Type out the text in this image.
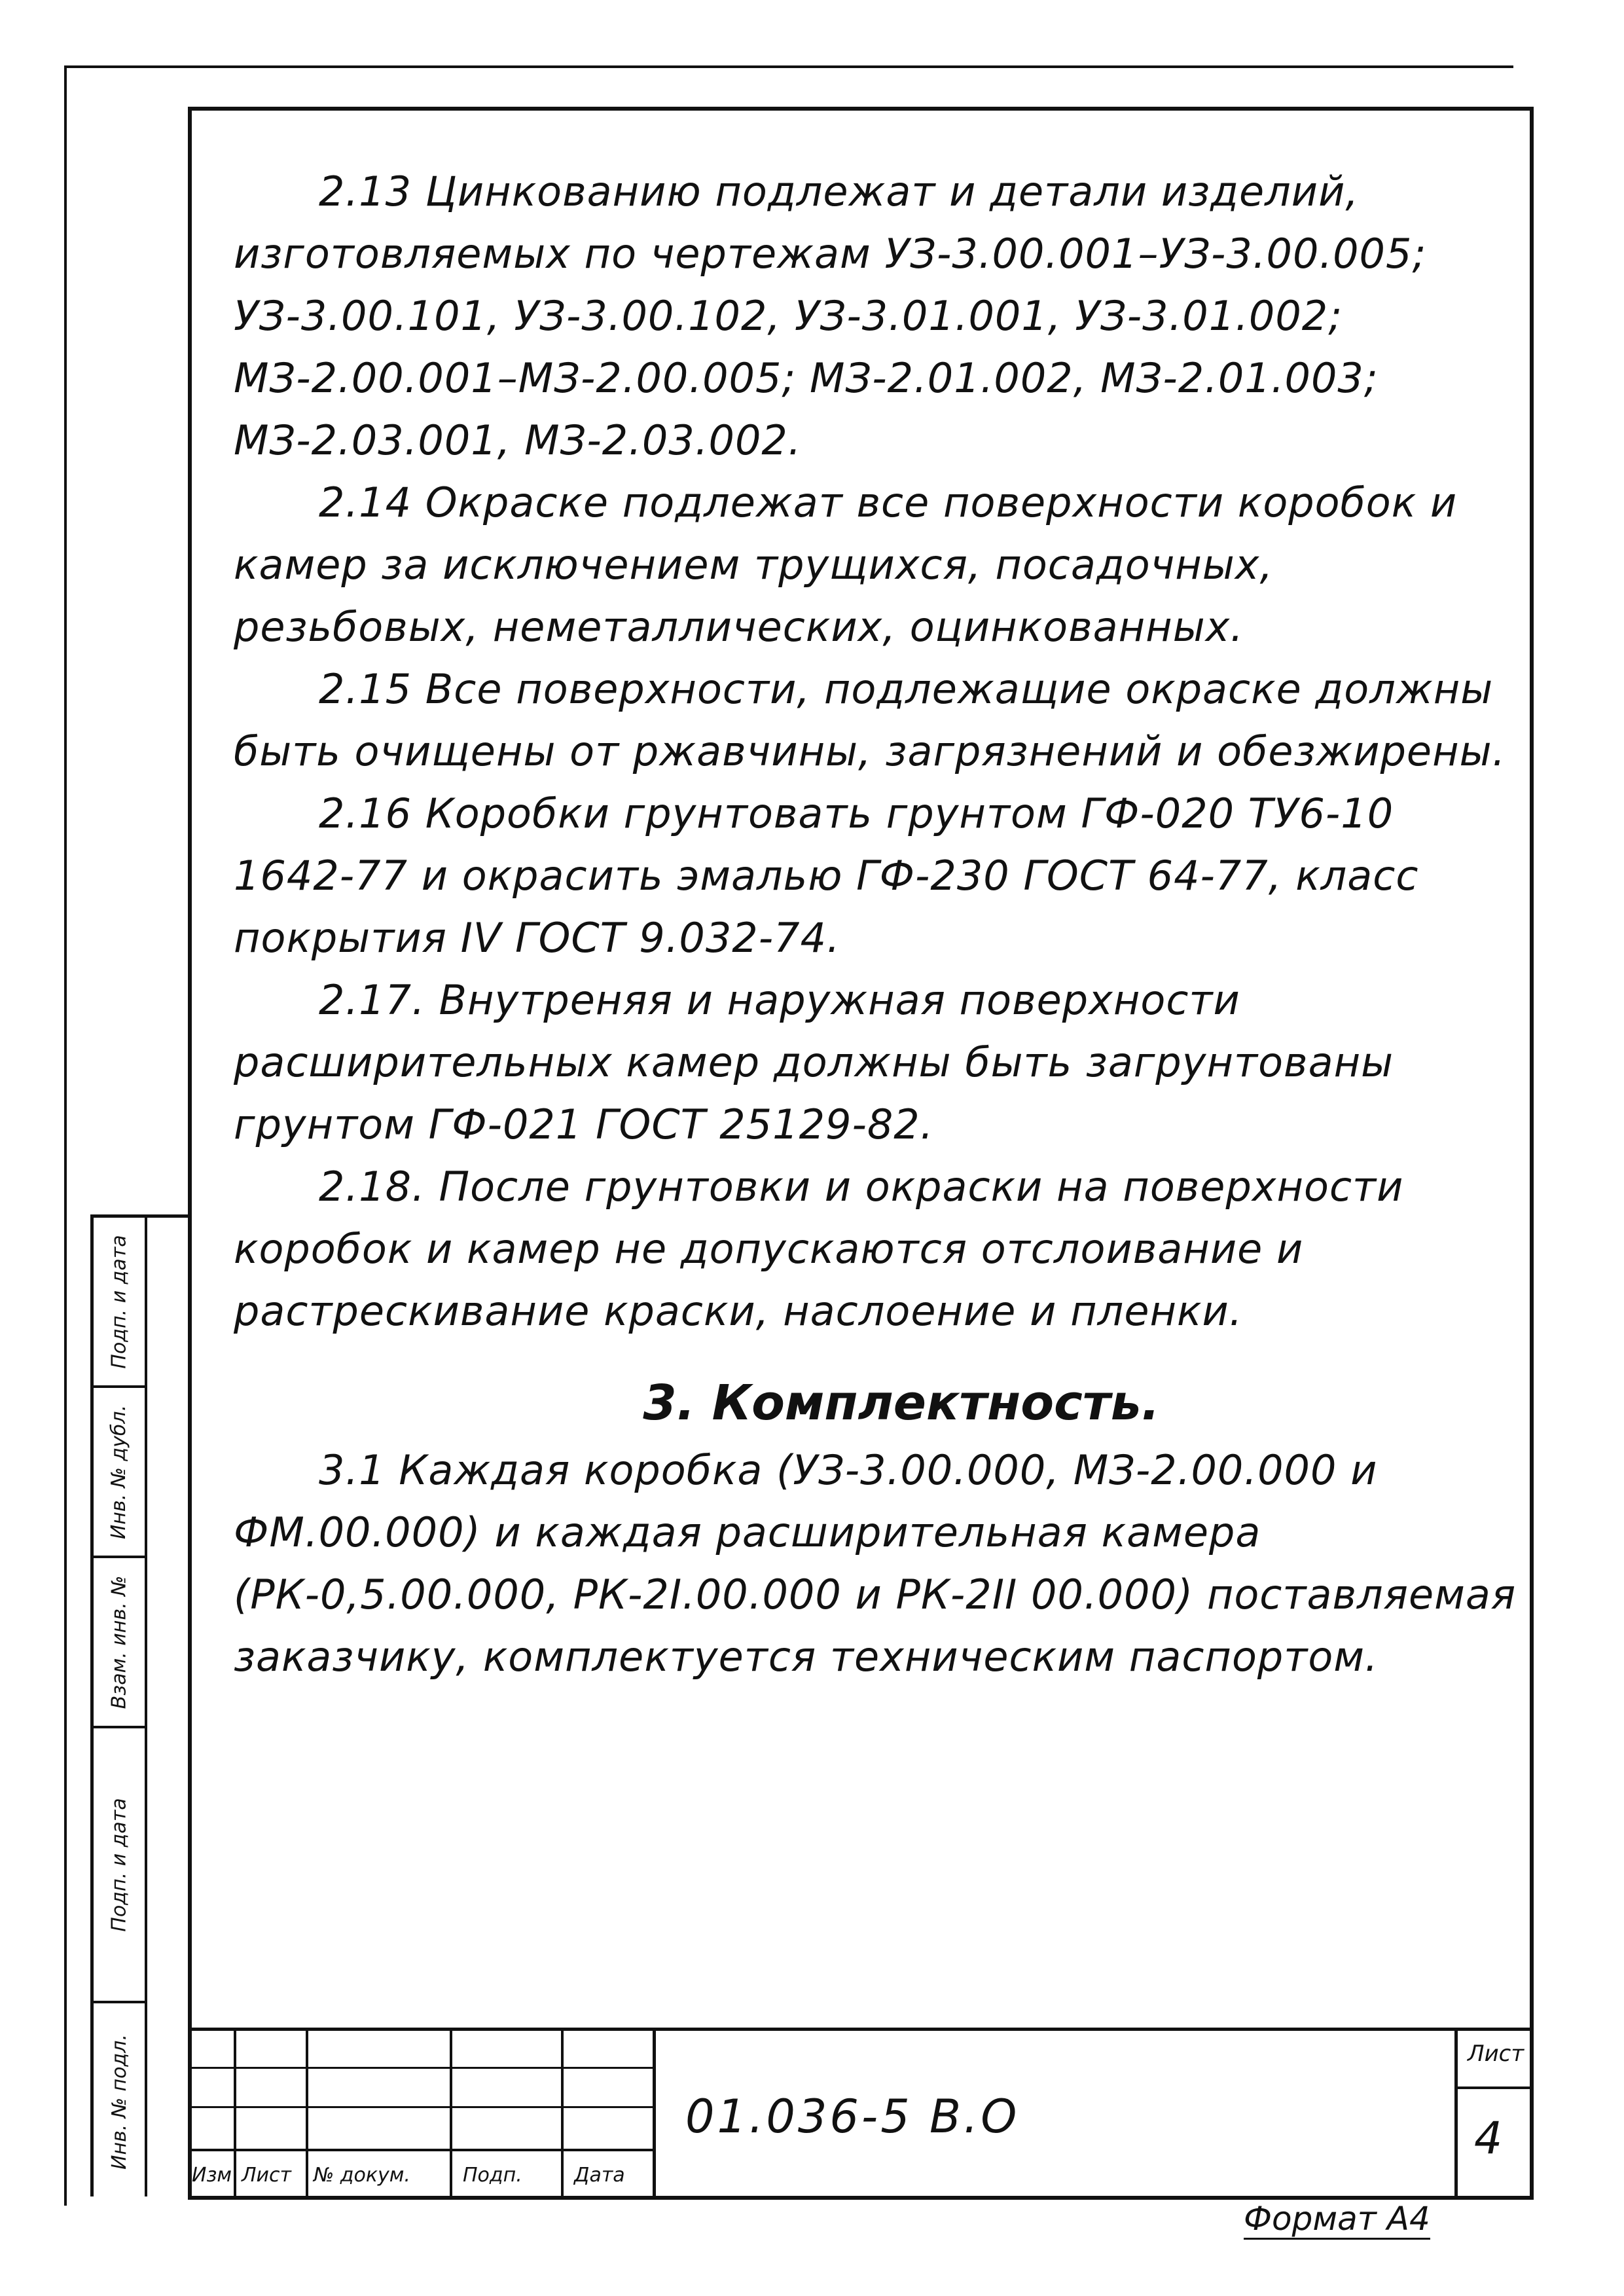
2.13 Цинкованию подлежат и детали изделий, изготовляемых по чертежам УЗ-3.00.001–УЗ-3.00.005; УЗ-3.00.101, УЗ-3.00.102, УЗ-3.01.001, УЗ-3.01.002; МЗ-2.00.001–МЗ-2.00.005; МЗ-2.01.002, МЗ-2.01.003; МЗ-2.03.001, МЗ-2.03.002.

2.14 Окраске подлежат все поверхности коробок и камер за исключением трущихся, посадочных, резьбовых, неметаллических, оцинкованных.

2.15 Все поверхности, подлежащие окраске должны быть очищены от ржавчины, загрязнений и обезжирены.

2.16 Коробки грунтовать грунтом ГФ-020 ТУ6-10 1642-77 и окрасить эмалью ГФ-230 ГОСТ 64-77, класс покрытия IV ГОСТ 9.032-74.

2.17. Внутреняя и наружная поверхности расширительных камер должны быть загрунтованы грунтом ГФ-021 ГОСТ 25129-82.

2.18. После грунтовки и окраски на поверхности коробок и камер не допускаются отслоивание и растрескивание краски, наслоение и пленки.

3. Комплектность.

3.1 Каждая коробка (УЗ-3.00.000, МЗ-2.00.000 и ФМ.00.000) и каждая расширительная камера (РК-0,5.00.000, РК-2I.00.000 и РК-2II 00.000) поставляемая заказчику, комплектуется техническим паспортом.

Подп. и дата
Инв. № дубл.
Взам. инв. №
Подп. и дата
Инв. № подл.
Изм Лист № докум.	Подп.	Дата
01.036-5 В.О
Лист
4
Формат А4
